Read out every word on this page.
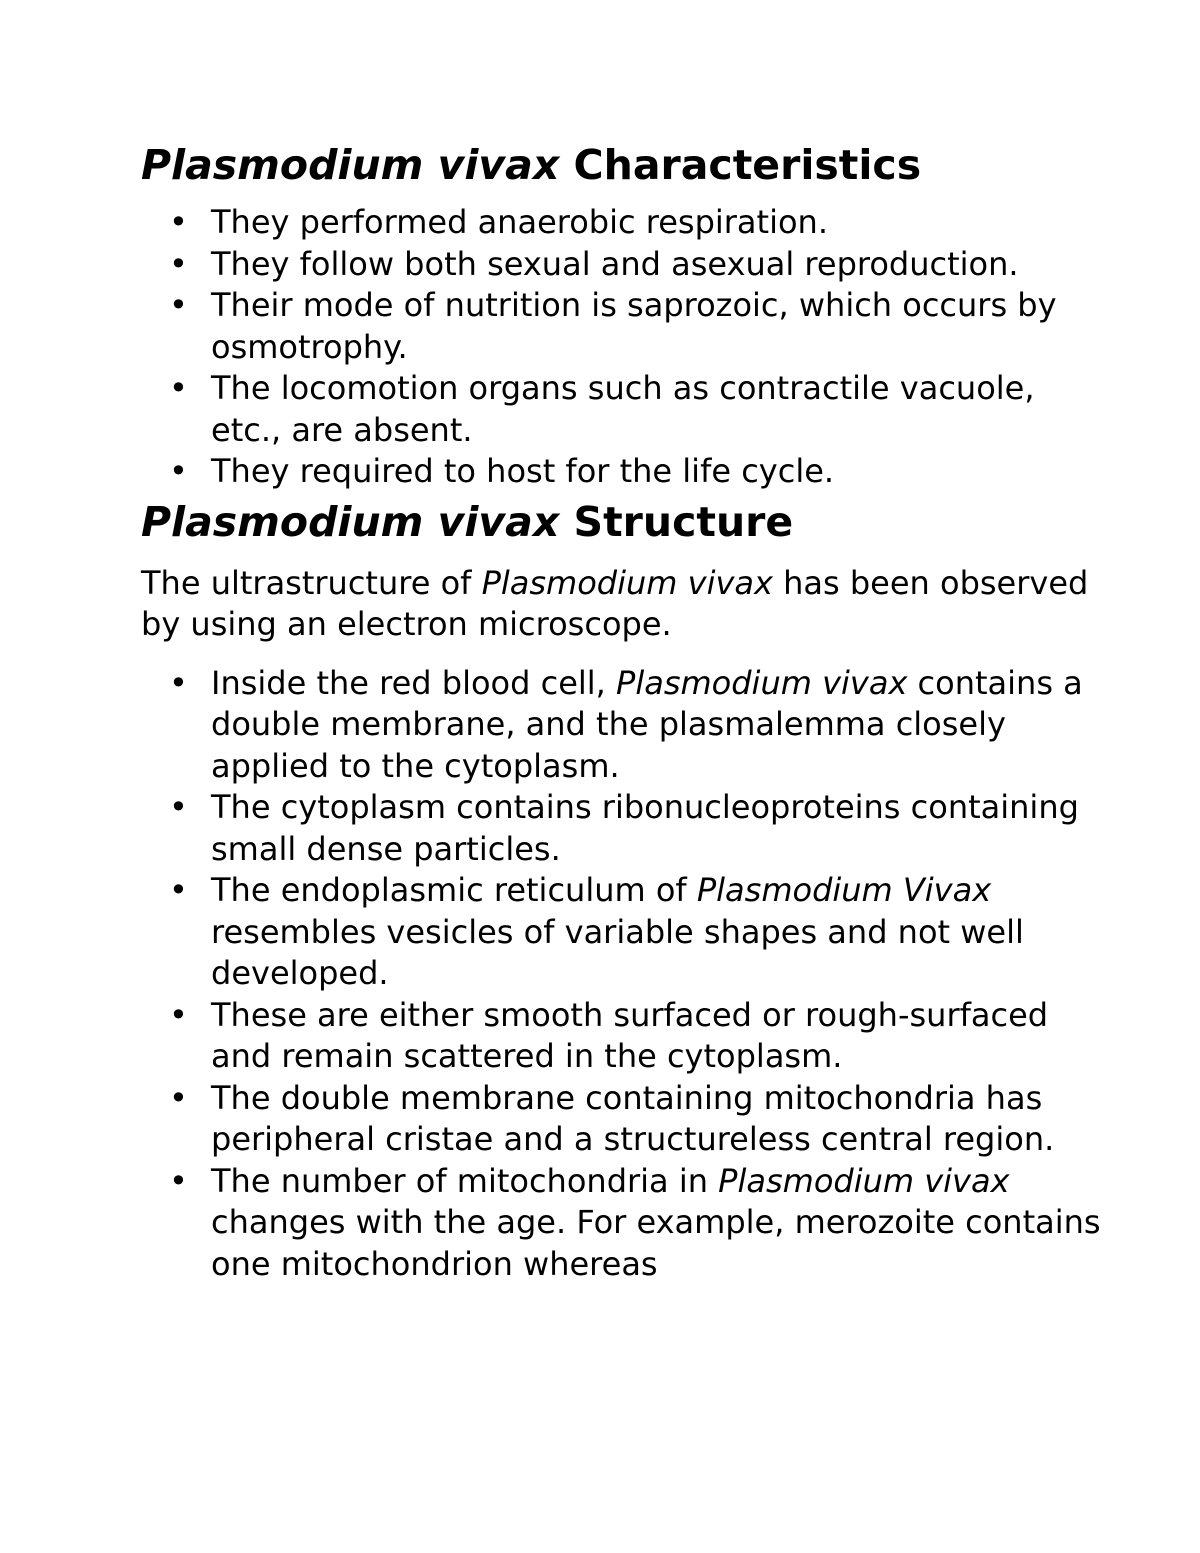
Plasmodium vivax Characteristics
• They performed anaerobic respiration.
• They follow both sexual and asexual reproduction.
• Their mode of nutrition is saprozoic, which occurs by osmotrophy.
• The locomotion organs such as contractile vacuole, etc., are absent.
• They required to host for the life cycle.
Plasmodium vivax Structure

The ultrastructure of Plasmodium vivax has been observed by using an electron microscope.

• Inside the red blood cell, Plasmodium vivax contains a double membrane, and the plasmalemma closely applied to the cytoplasm.
• The cytoplasm contains ribonucleoproteins containing small dense particles.
• The endoplasmic reticulum of Plasmodium Vivax resembles vesicles of variable shapes and not well developed.
• These are either smooth surfaced or rough-surfaced and remain scattered in the cytoplasm.
• The double membrane containing mitochondria has peripheral cristae and a structureless central region.
• The number of mitochondria in Plasmodium vivax changes with the age. For example, merozoite contains one mitochondrion whereas
